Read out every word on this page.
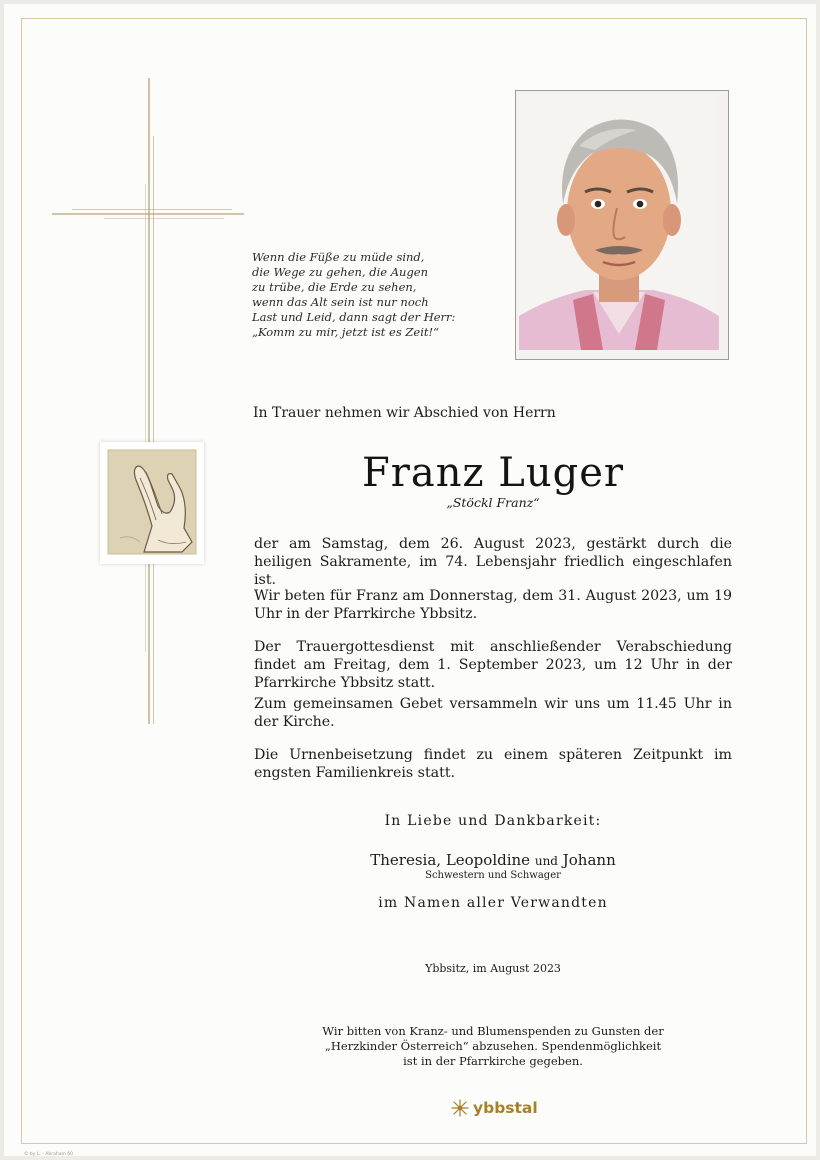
Wenn die Füße zu müde sind,
die Wege zu gehen, die Augen
zu trübe, die Erde zu sehen,
wenn das Alt sein ist nur noch
Last und Leid, dann sagt der Herr:
„Komm zu mir, jetzt ist es Zeit!“
In Trauer nehmen wir Abschied von Herrn
Franz Luger
„Stöckl Franz“
der am Samstag, dem 26. August 2023, gestärkt durch die heiligen Sakramente, im 74. Lebensjahr friedlich eingeschlafen ist.
Wir beten für Franz am Donnerstag, dem 31. August 2023, um 19 Uhr in der Pfarrkirche Ybbsitz.
Der Trauergottesdienst mit anschließender Verabschiedung findet am Freitag, dem 1. September 2023, um 12 Uhr in der Pfarrkirche Ybbsitz statt.
Zum gemeinsamen Gebet versammeln wir uns um 11.45 Uhr in der Kirche.
Die Urnenbeisetzung findet zu einem späteren Zeitpunkt im engsten Familienkreis statt.
In Liebe und Dankbarkeit:
Theresia, Leopoldine und Johann
Schwestern und Schwager
im Namen aller Verwandten
Ybbsitz, im August 2023
Wir bitten von Kranz- und Blumenspenden zu Gunsten der
„Herzkinder Österreich“ abzusehen. Spendenmöglichkeit
ist in der Pfarrkirche gegeben.
ybbstal
© by L. - Abraham 60
